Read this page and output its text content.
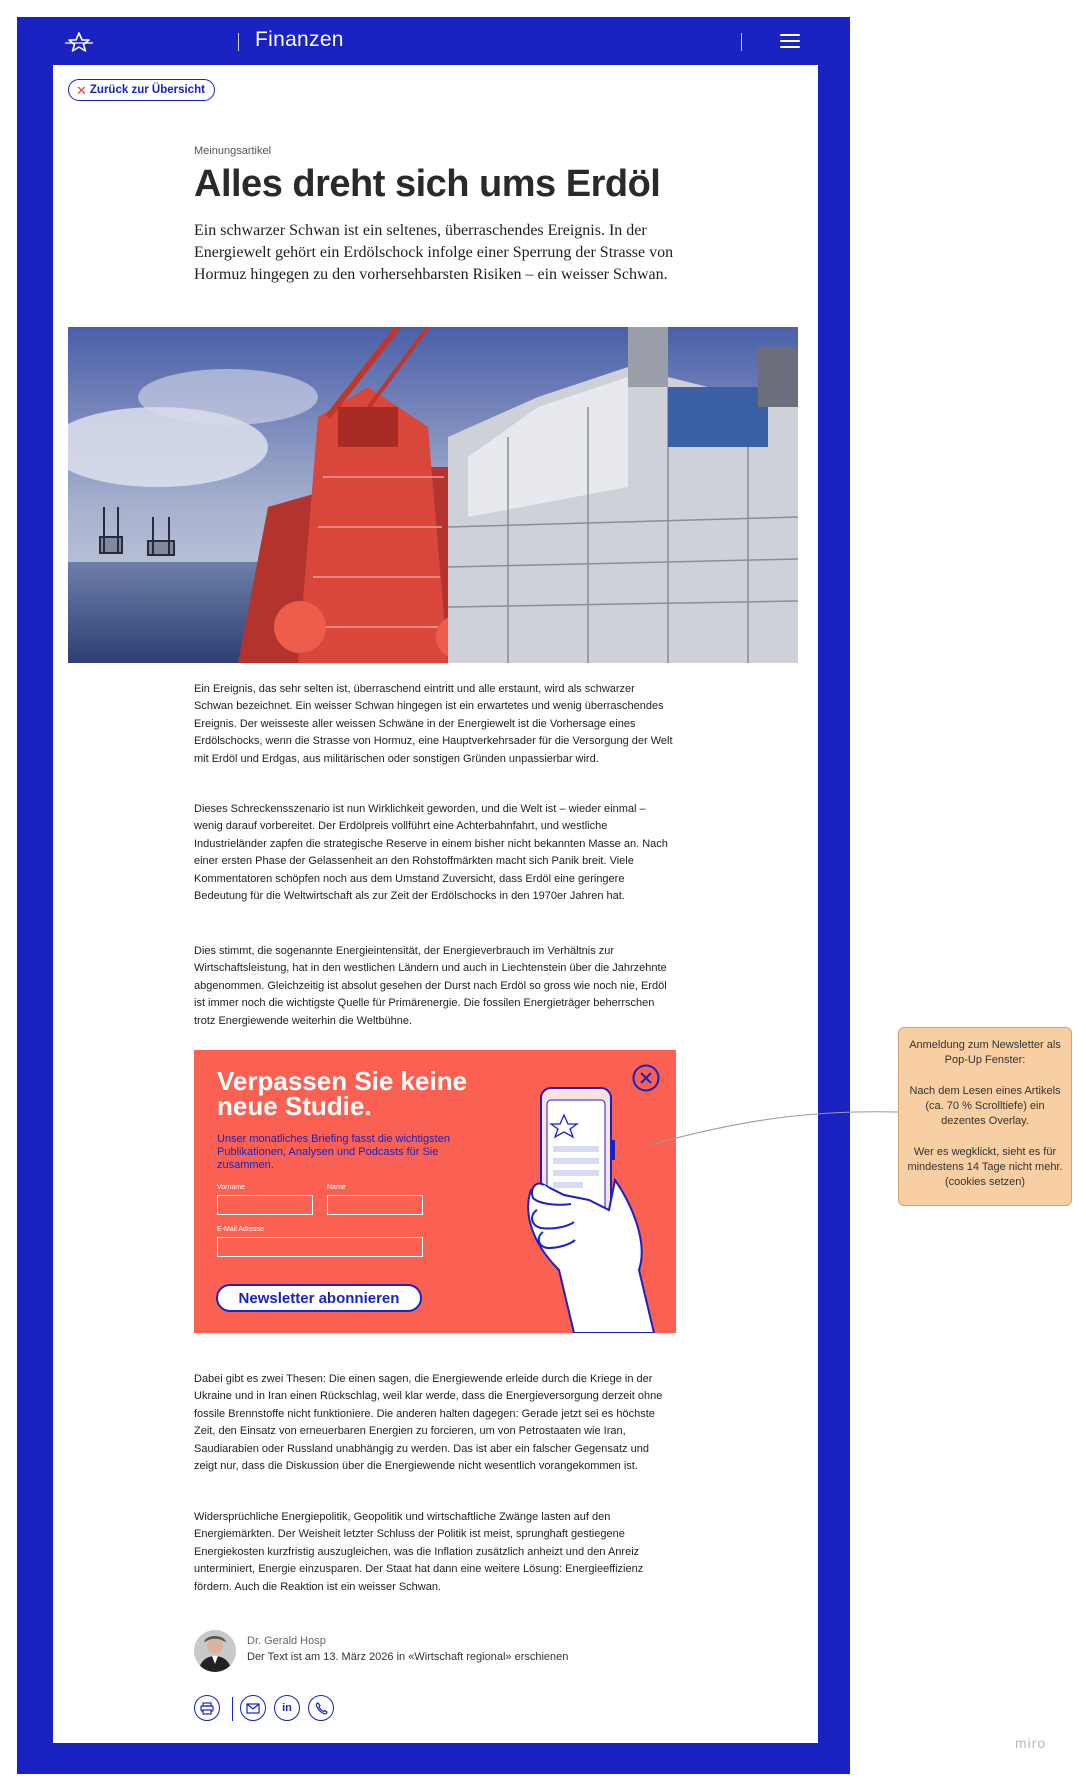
Finanzen
✕ Zurück zur Übersicht
Meinungsartikel
Alles dreht sich ums Erdöl
Ein schwarzer Schwan ist ein seltenes, überraschendes Ereignis. In der Energiewelt gehört ein Erdölschock infolge einer Sperrung der Strasse von Hormuz hingegen zu den vorhersehbarsten Risiken – ein weisser Schwan.

Ein Ereignis, das sehr selten ist, überraschend eintritt und alle erstaunt, wird als schwarzer Schwan bezeichnet. Ein weisser Schwan hingegen ist ein erwartetes und wenig überraschendes Ereignis. Der weisseste aller weissen Schwäne in der Energiewelt ist die Vorhersage eines Erdölschocks, wenn die Strasse von Hormuz, eine Hauptverkehrsader für die Versorgung der Welt mit Erdöl und Erdgas, aus militärischen oder sonstigen Gründen unpassierbar wird.

Dieses Schreckensszenario ist nun Wirklichkeit geworden, und die Welt ist – wieder einmal – wenig darauf vorbereitet. Der Erdölpreis vollführt eine Achterbahnfahrt, und westliche Industrieländer zapfen die strategische Reserve in einem bisher nicht bekannten Masse an. Nach einer ersten Phase der Gelassenheit an den Rohstoffmärkten macht sich Panik breit. Viele Kommentatoren schöpfen noch aus dem Umstand Zuversicht, dass Erdöl eine geringere Bedeutung für die Weltwirtschaft als zur Zeit der Erdölschocks in den 1970er Jahren hat.

Dies stimmt, die sogenannte Energieintensität, der Energieverbrauch im Verhältnis zur Wirtschaftsleistung, hat in den westlichen Ländern und auch in Liechtenstein über die Jahrzehnte abgenommen. Gleichzeitig ist absolut gesehen der Durst nach Erdöl so gross wie noch nie, Erdöl ist immer noch die wichtigste Quelle für Primärenergie. Die fossilen Energieträger beherrschen trotz Energiewende weiterhin die Weltbühne.

Verpassen Sie keine neue Studie.
Unser monatliches Briefing fasst die wichtigsten Publikationen, Analysen und Podcasts für Sie zusammen.
Vorname	Name
E-Mail Adresse
Newsletter abonnieren

Dabei gibt es zwei Thesen: Die einen sagen, die Energiewende erleide durch die Kriege in der Ukraine und in Iran einen Rückschlag, weil klar werde, dass die Energieversorgung derzeit ohne fossile Brennstoffe nicht funktioniere. Die anderen halten dagegen: Gerade jetzt sei es höchste Zeit, den Einsatz von erneuerbaren Energien zu forcieren, um von Petrostaaten wie Iran, Saudiarabien oder Russland unabhängig zu werden. Das ist aber ein falscher Gegensatz und zeigt nur, dass die Diskussion über die Energiewende nicht wesentlich vorangekommen ist.

Widersprüchliche Energiepolitik, Geopolitik und wirtschaftliche Zwänge lasten auf den Energiemärkten. Der Weisheit letzter Schluss der Politik ist meist, sprunghaft gestiegene Energiekosten kurzfristig auszugleichen, was die Inflation zusätzlich anheizt und den Anreiz unterminiert, Energie einzusparen. Der Staat hat dann eine weitere Lösung: Energieeffizienz fördern. Auch die Reaktion ist ein weisser Schwan.

Dr. Gerald Hosp
Der Text ist am 13. März 2026 in «Wirtschaft regional» erschienen
in

Anmeldung zum Newsletter als Pop-Up Fenster:

Nach dem Lesen eines Artikels (ca. 70 % Scrolltiefe) ein dezentes Overlay.

Wer es wegklickt, sieht es für mindestens 14 Tage nicht mehr. (cookies setzen)

miro
